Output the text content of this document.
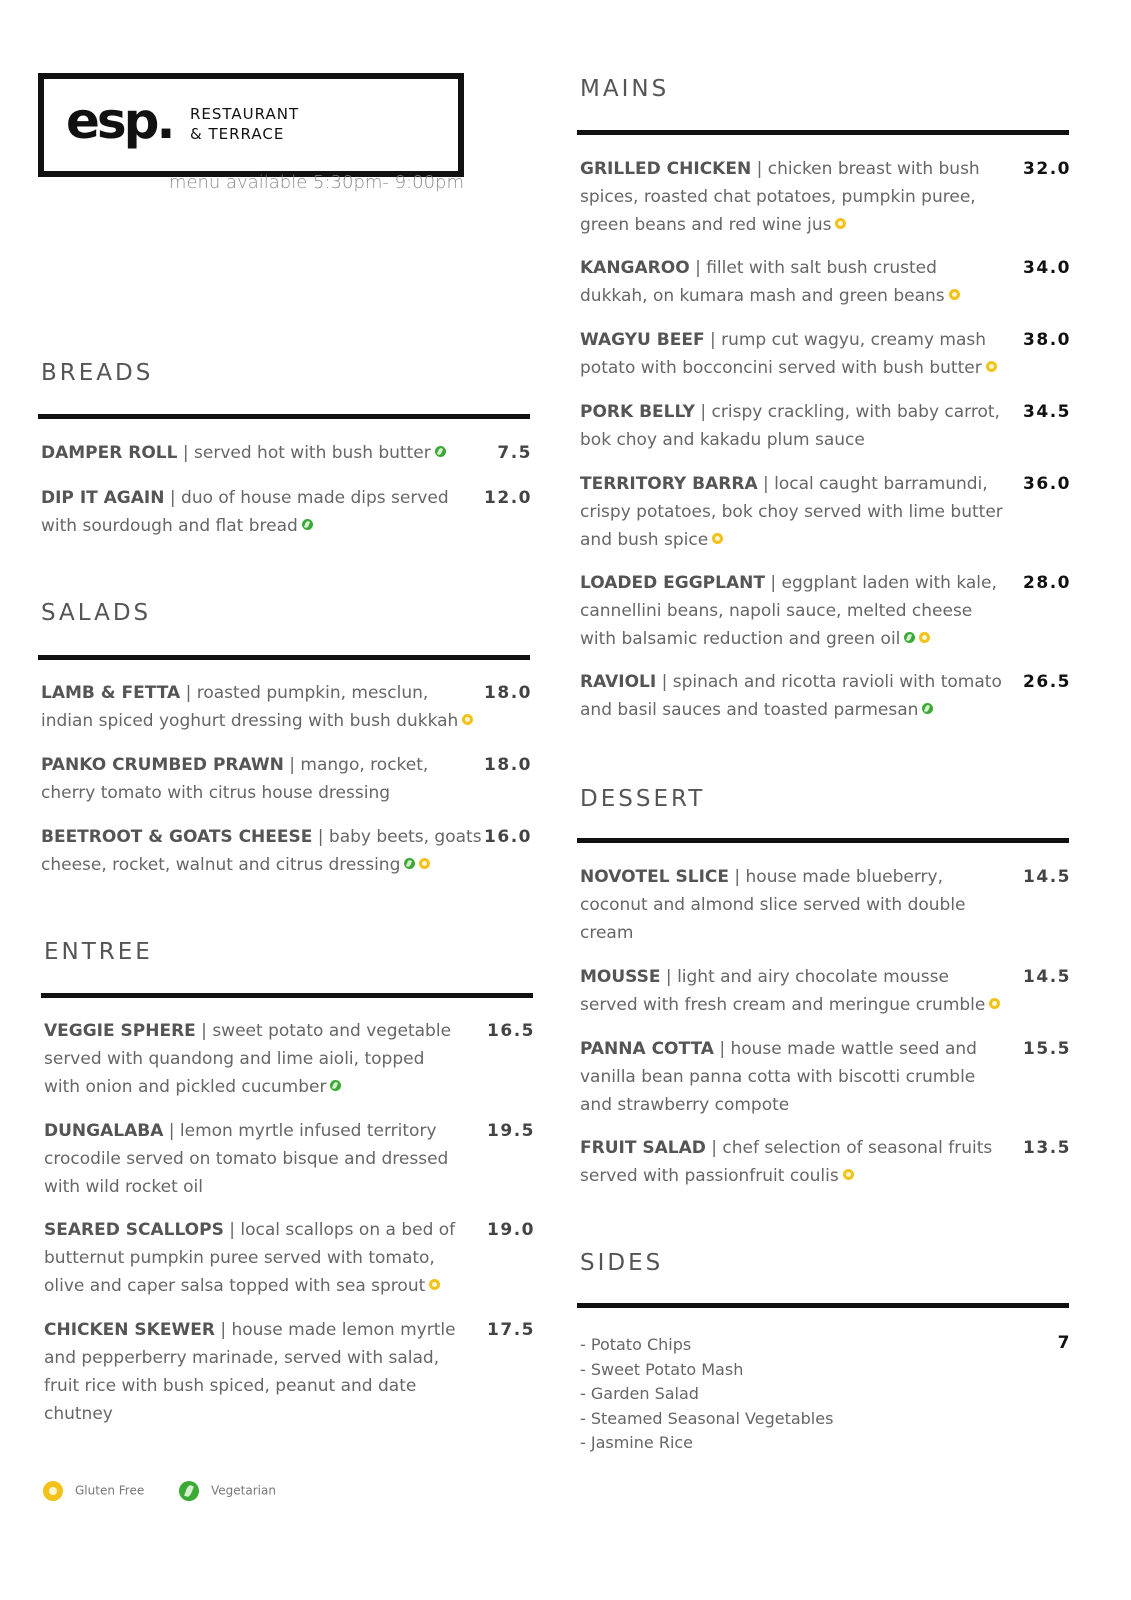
esp. RESTAURANT
& TERRACE
menu available 5:30pm- 9:00pm
BREADS
DAMPER ROLL | served hot with bush butter	7.5
DIP IT AGAIN | duo of house made dips served with sourdough and flat bread
12.0
SALADS
LAMB & FETTA | roasted pumpkin, mesclun, indian spiced yoghurt dressing with bush dukkah
18.0
PANKO CRUMBED PRAWN | mango, rocket, cherry tomato with citrus house dressing
18.0
BEETROOT & GOATS CHEESE | baby beets, goats cheese, rocket, walnut and citrus dressing
16.0
ENTREE
VEGGIE SPHERE | sweet potato and vegetable served with quandong and lime aioli, topped with onion and pickled cucumber
16.5
DUNGALABA | lemon myrtle infused territory crocodile served on tomato bisque and dressed with wild rocket oil
19.5
SEARED SCALLOPS | local scallops on a bed of butternut pumpkin puree served with tomato, olive and caper salsa topped with sea sprout
19.0
CHICKEN SKEWER | house made lemon myrtle and pepperberry marinade, served with salad, fruit rice with bush spiced, peanut and date chutney
17.5
MAINS
GRILLED CHICKEN | chicken breast with bush spices, roasted chat potatoes, pumpkin puree, green beans and red wine jus
32.0
KANGAROO | fillet with salt bush crusted dukkah, on kumara mash and green beans
34.0
WAGYU BEEF | rump cut wagyu, creamy mash potato with bocconcini served with bush butter
38.0
PORK BELLY | crispy crackling, with baby carrot, bok choy and kakadu plum sauce
34.5
TERRITORY BARRA | local caught barramundi, crispy potatoes, bok choy served with lime butter and bush spice
36.0
LOADED EGGPLANT | eggplant laden with kale, cannellini beans, napoli sauce, melted cheese with balsamic reduction and green oil
28.0
RAVIOLI | spinach and ricotta ravioli with tomato and basil sauces and toasted parmesan
26.5
DESSERT
NOVOTEL SLICE | house made blueberry, coconut and almond slice served with double cream
14.5
MOUSSE | light and airy chocolate mousse served with fresh cream and meringue crumble
14.5
PANNA COTTA | house made wattle seed and vanilla bean panna cotta with biscotti crumble and strawberry compote
15.5
FRUIT SALAD | chef selection of seasonal fruits served with passionfruit coulis
13.5
SIDES
- Potato Chips
- Sweet Potato Mash
- Garden Salad
- Steamed Seasonal Vegetables
- Jasmine Rice
7
Gluten Free	Vegetarian
